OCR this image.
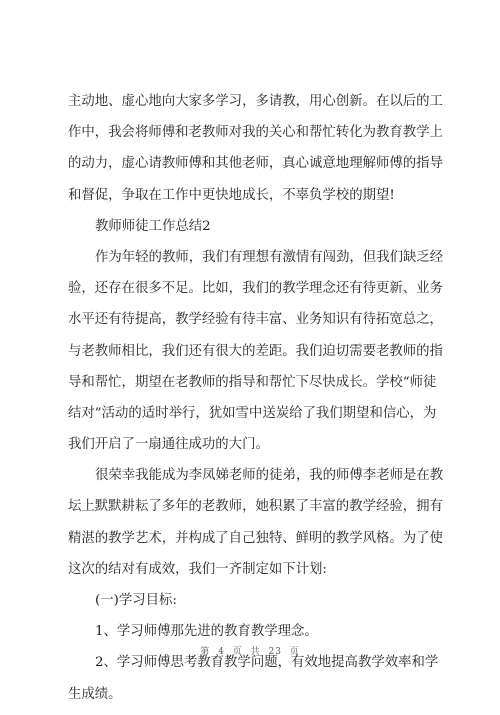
主动地、虚心地向大家多学习，多请教，用心创新。在以后的工
作中，我会将师傅和老教师对我的关心和帮忙转化为教育教学上
的动力，虚心请教师傅和其他老师，真心诚意地理解师傅的指导
和督促，争取在工作中更快地成长，不辜负学校的期望!
教师师徒工作总结2
作为年轻的教师，我们有理想有激情有闯劲，但我们缺乏经
验，还存在很多不足。比如，我们的教学理念还有待更新、业务
水平还有待提高，教学经验有待丰富、业务知识有待拓宽总之，
与老教师相比，我们还有很大的差距。我们迫切需要老教师的指
导和帮忙，期望在老教师的指导和帮忙下尽快成长。学校“师徒
结对”活动的适时举行，犹如雪中送炭给了我们期望和信心，为
我们开启了一扇通往成功的大门。
很荣幸我能成为李凤娣老师的徒弟，我的师傅李老师是在教
坛上默默耕耘了多年的老教师，她积累了丰富的教学经验，拥有
精湛的教学艺术，并构成了自己独特、鲜明的教学风格。为了使
这次的结对有成效，我们一齐制定如下计划:
(一)学习目标:
1、学习师傅那先进的教育教学理念。
2、学习师傅思考教育教学问题，有效地提高教学效率和学
生成绩。
第 4 页 共 23 页
